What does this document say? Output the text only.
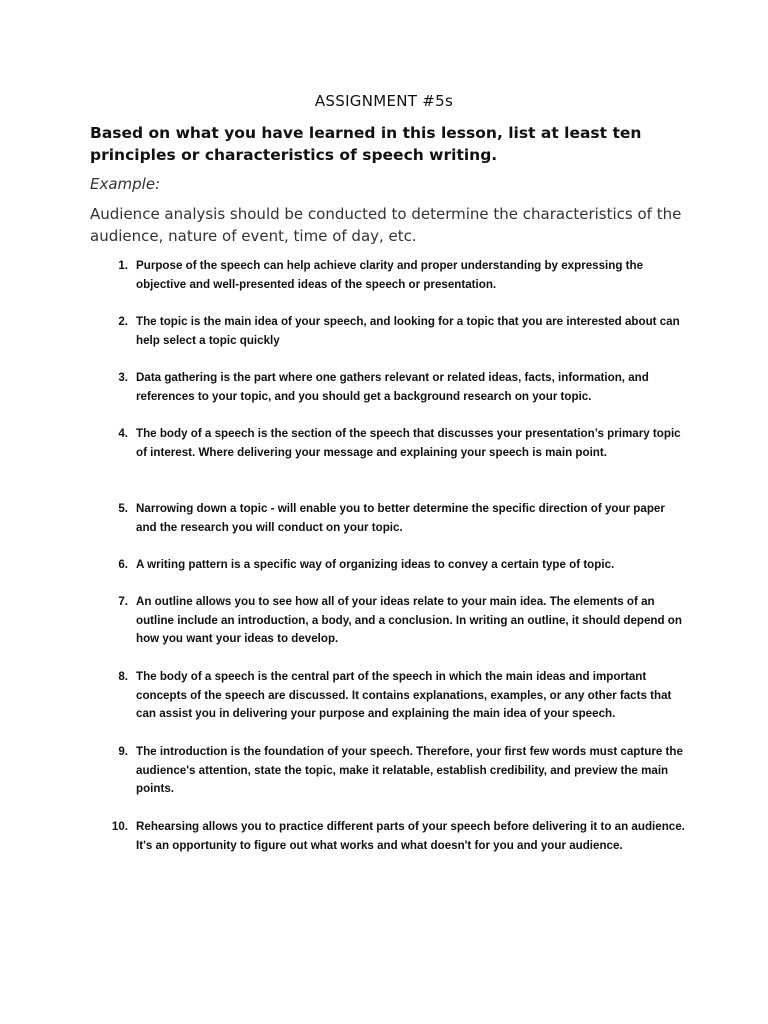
ASSIGNMENT #5s
Based on what you have learned in this lesson, list at least ten principles or characteristics of speech writing.
Example:
Audience analysis should be conducted to determine the characteristics of the audience, nature of event, time of day, etc.
1. Purpose of the speech can help achieve clarity and proper understanding by expressing the objective and well-presented ideas of the speech or presentation.
2. The topic is the main idea of your speech, and looking for a topic that you are interested about can help select a topic quickly
3. Data gathering is the part where one gathers relevant or related ideas, facts, information, and references to your topic, and you should get a background research on your topic.
4. The body of a speech is the section of the speech that discusses your presentation’s primary topic of interest. Where delivering your message and explaining your speech is main point.
5. Narrowing down a topic - will enable you to better determine the specific direction of your paper and the research you will conduct on your topic.
6. A writing pattern is a specific way of organizing ideas to convey a certain type of topic.
7. An outline allows you to see how all of your ideas relate to your main idea. The elements of an outline include an introduction, a body, and a conclusion. In writing an outline, it should depend on how you want your ideas to develop.
8. The body of a speech is the central part of the speech in which the main ideas and important concepts of the speech are discussed. It contains explanations, examples, or any other facts that can assist you in delivering your purpose and explaining the main idea of your speech.
9. The introduction is the foundation of your speech. Therefore, your first few words must capture the audience's attention, state the topic, make it relatable, establish credibility, and preview the main points.
10. Rehearsing allows you to practice different parts of your speech before delivering it to an audience. It's an opportunity to figure out what works and what doesn't for you and your audience.
